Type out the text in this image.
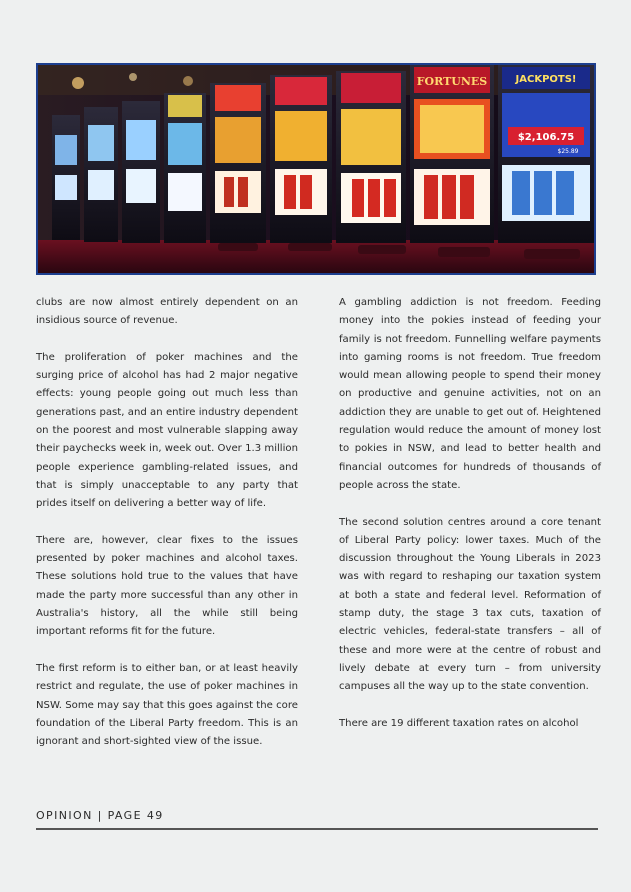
FORTUNES	JACKPOTS!
$2,106.75
$25.89

clubs are now almost entirely dependent on an insidious source of revenue.

The proliferation of poker machines and the surging price of alcohol has had 2 major negative effects: young people going out much less than generations past, and an entire industry dependent on the poorest and most vulnerable slapping away their paychecks week in, week out. Over 1.3 million people experience gambling-related issues, and that is simply unacceptable to any party that prides itself on delivering a better way of life.

There are, however, clear fixes to the issues presented by poker machines and alcohol taxes. These solutions hold true to the values that have made the party more successful than any other in Australia's history, all the while still being important reforms fit for the future.

The first reform is to either ban, or at least heavily restrict and regulate, the use of poker machines in NSW. Some may say that this goes against the core foundation of the Liberal Party freedom. This is an ignorant and short-sighted view of the issue.

A gambling addiction is not freedom. Feeding money into the pokies instead of feeding your family is not freedom. Funnelling welfare payments into gaming rooms is not freedom. True freedom would mean allowing people to spend their money on productive and genuine activities, not on an addiction they are unable to get out of. Heightened regulation would reduce the amount of money lost to pokies in NSW, and lead to better health and financial outcomes for hundreds of thousands of people across the state.

The second solution centres around a core tenant of Liberal Party policy: lower taxes. Much of the discussion throughout the Young Liberals in 2023 was with regard to reshaping our taxation system at both a state and federal level. Reformation of stamp duty, the stage 3 tax cuts, taxation of electric vehicles, federal-state transfers – all of these and more were at the centre of robust and lively debate at every turn – from university campuses all the way up to the state convention.

There are 19 different taxation rates on alcohol

OPINION | PAGE 49
